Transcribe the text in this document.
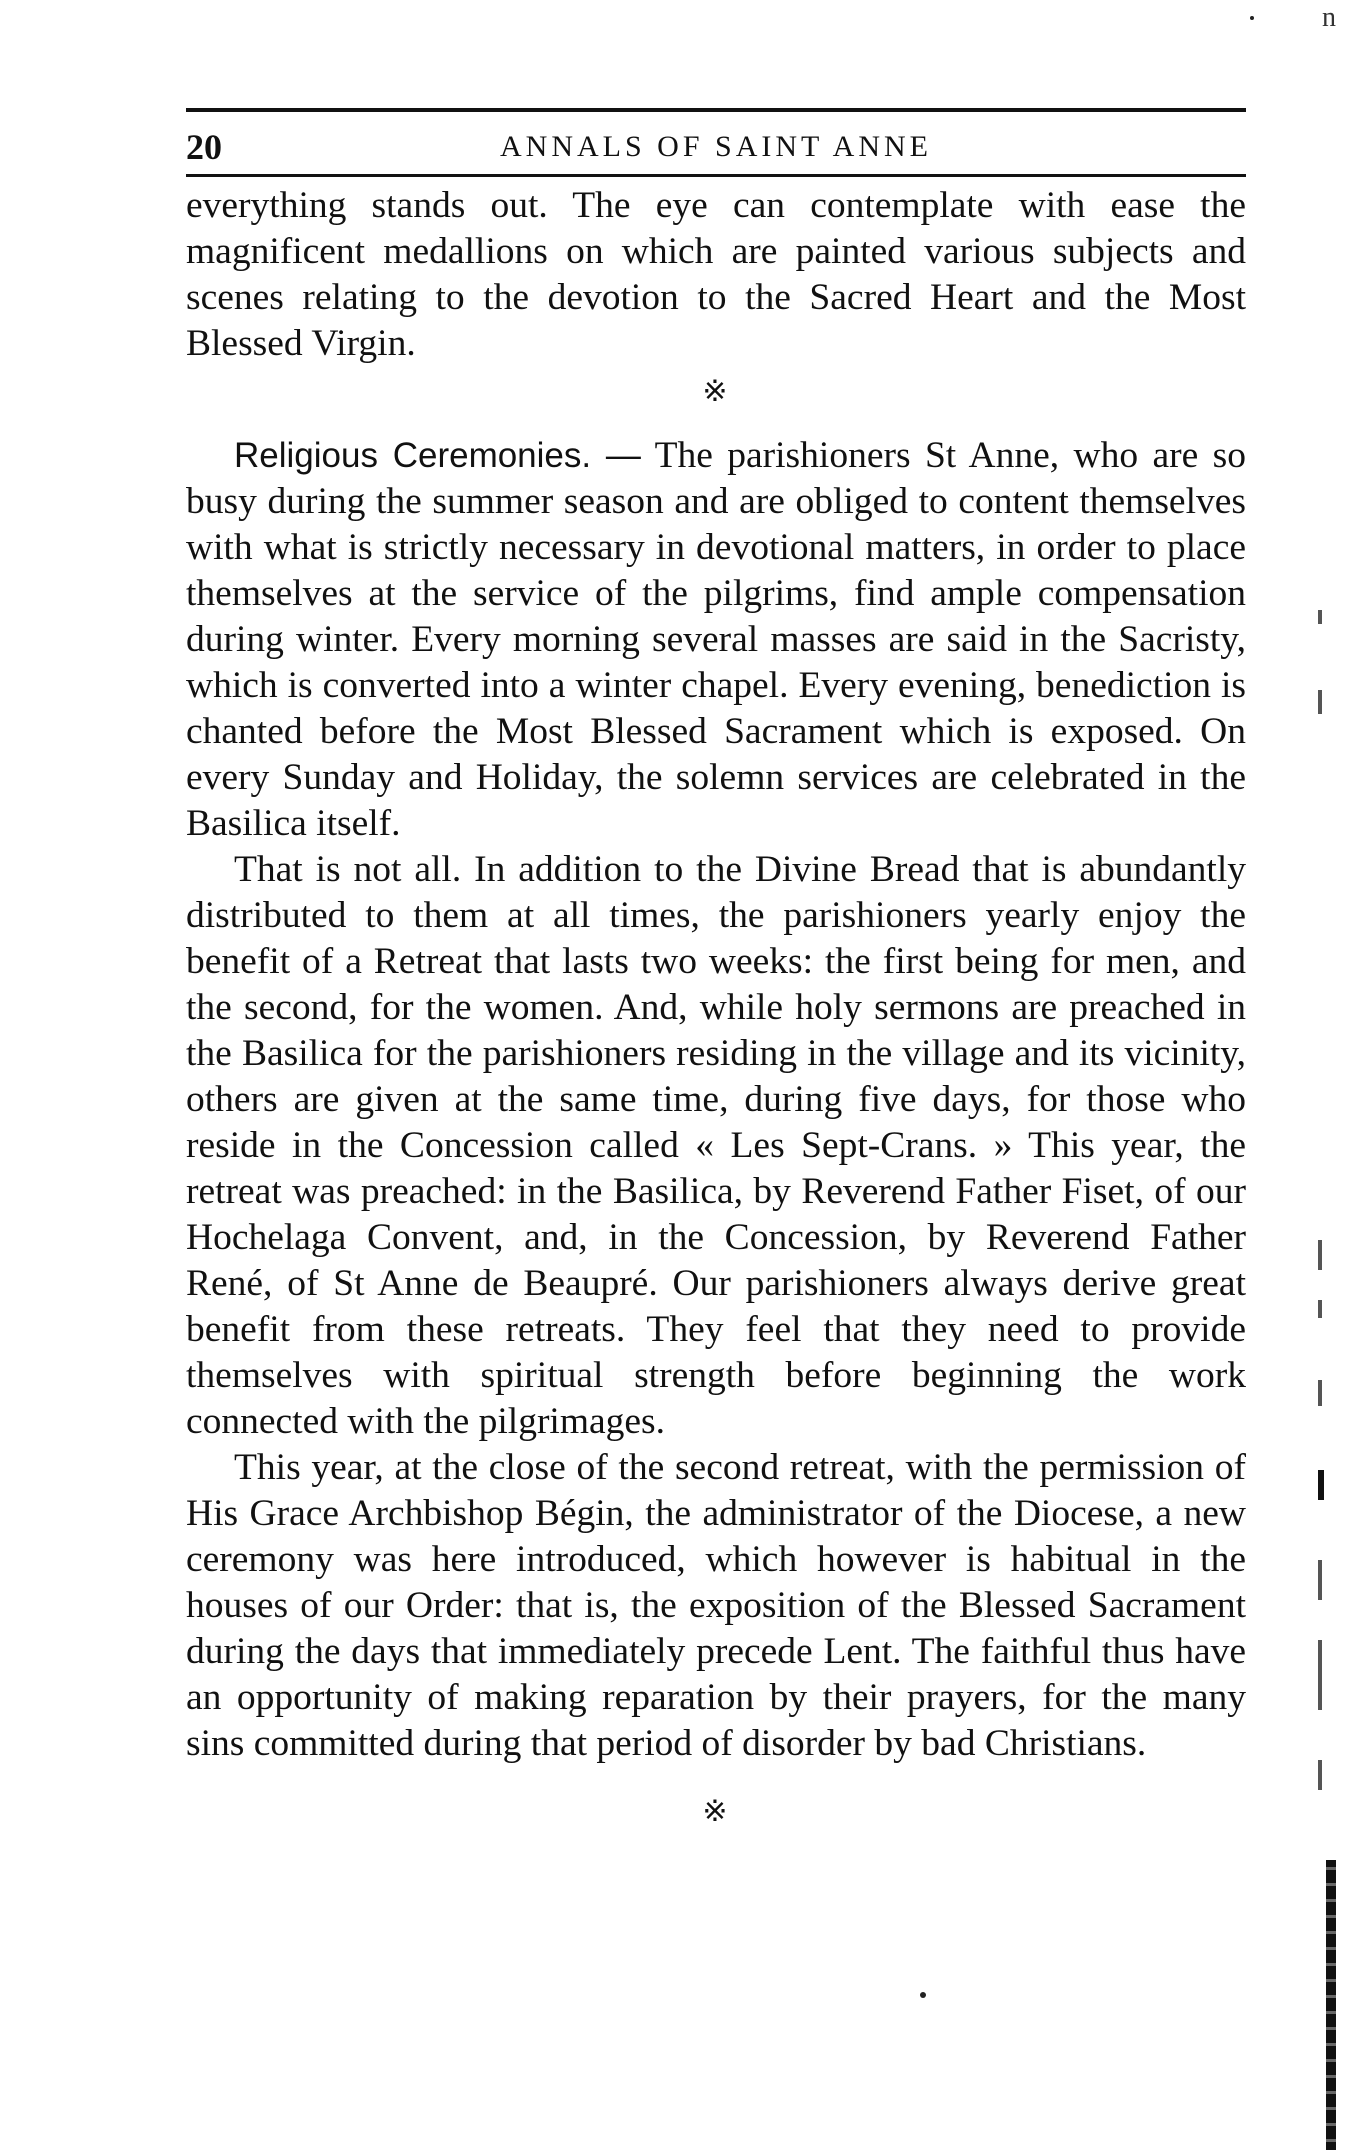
n
20	ANNALS OF SAINT ANNE

everything stands out. The eye can contemplate with ease the magnificent medallions on which are painted various subjects and scenes relating to the devotion to the Sacred Heart and the Most Blessed Virgin.

※

Religious Ceremonies. — The parishioners St Anne, who are so busy during the summer season and are obliged to content themselves with what is strictly necessary in devotional matters, in order to place themselves at the service of the pilgrims, find ample compensation during winter. Every morning several masses are said in the Sacristy, which is converted into a winter chapel. Every evening, benediction is chanted before the Most Blessed Sacrament which is exposed. On every Sunday and Holiday, the solemn services are celebrated in the Basilica itself.

That is not all. In addition to the Divine Bread that is abundantly distributed to them at all times, the parishioners yearly enjoy the benefit of a Retreat that lasts two weeks: the first being for men, and the second, for the women. And, while holy sermons are preached in the Basilica for the parishioners residing in the village and its vicinity, others are given at the same time, during five days, for those who reside in the Concession called « Les Sept-Crans. » This year, the retreat was preached: in the Basilica, by Reverend Father Fiset, of our Hochelaga Convent, and, in the Concession, by Reverend Father René, of St Anne de Beaupré. Our parishioners always derive great benefit from these retreats. They feel that they need to provide themselves with spiritual strength before beginning the work connected with the pilgrimages.

This year, at the close of the second retreat, with the permission of His Grace Archbishop Bégin, the administrator of the Diocese, a new ceremony was here introduced, which however is habitual in the houses of our Order: that is, the exposition of the Blessed Sacrament during the days that immediately precede Lent. The faithful thus have an opportunity of making reparation by their prayers, for the many sins committed during that period of disorder by bad Christians.

※
